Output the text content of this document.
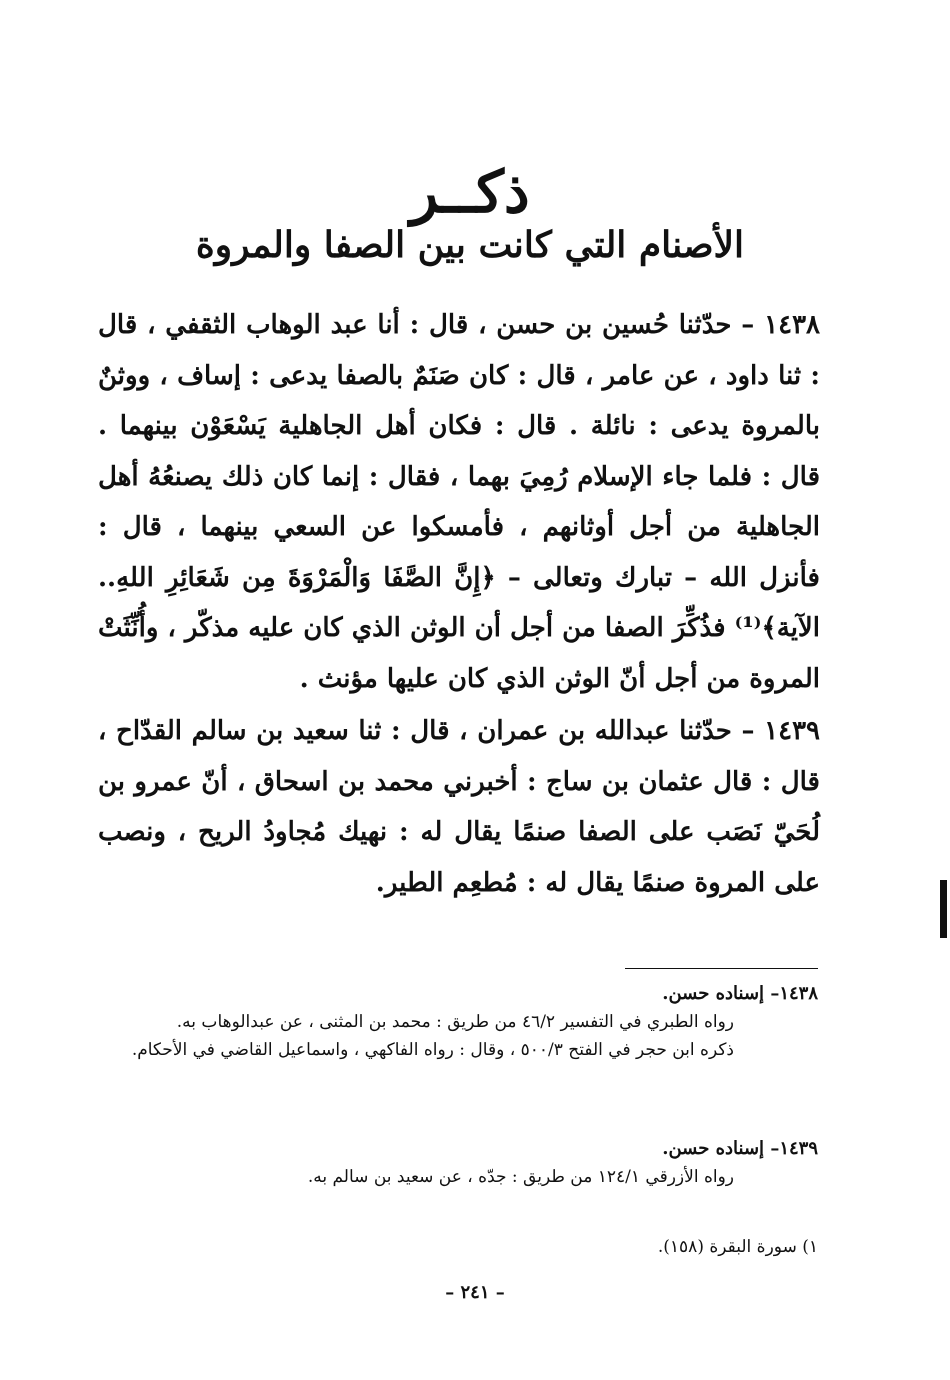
ذكــر
الأصنام التي كانت بين الصفا والمروة
١٤٣٨ – حدّثنا حُسين بن حسن ، قال : أنا عبد الوهاب الثقفي ، قال : ثنا داود ، عن عامر ، قال : كان صَنَمٌ بالصفا يدعى : إساف ، ووثنٌ بالمروة يدعى : نائلة . قال : فكان أهل الجاهلية يَسْعَوْن بينهما . قال : فلما جاء الإسلام رُمِيَ بهما ، فقال : إنما كان ذلك يصنعُهُ أهل الجاهلية من أجل أوثانهم ، فأمسكوا عن السعي بينهما ، قال : فأنزل الله – تبارك وتعالى – ﴿إِنَّ الصَّفَا وَالْمَرْوَةَ مِن شَعَائِرِ اللهِ.. الآية﴾⁽¹⁾ فذُكِّرَ الصفا من أجل أن الوثن الذي كان عليه مذكّر ، وأُنِّثَتْ المروة من أجل أنّ الوثن الذي كان عليها مؤنث .
١٤٣٩ – حدّثنا عبدالله بن عمران ، قال : ثنا سعيد بن سالم القدّاح ، قال : قال عثمان بن ساج : أخبرني محمد بن اسحاق ، أنّ عمرو بن لُحَيّ نَصَب على الصفا صنمًا يقال له : نهيك مُجاودُ الريح ، ونصب على المروة صنمًا يقال له : مُطعِم الطير.
١٤٣٨– إسناده حسن.
رواه الطبري في التفسير ٤٦/٢ من طريق : محمد بن المثنى ، عن عبدالوهاب به.
ذكره ابن حجر في الفتح ٥٠٠/٣ ، وقال : رواه الفاكهي ، واسماعيل القاضي في الأحكام.
١٤٣٩– إسناده حسن.
رواه الأزرقي ١٢٤/١ من طريق : جدّه ، عن سعيد بن سالم به.
١) سورة البقرة (١٥٨).
– ٢٤١ –
